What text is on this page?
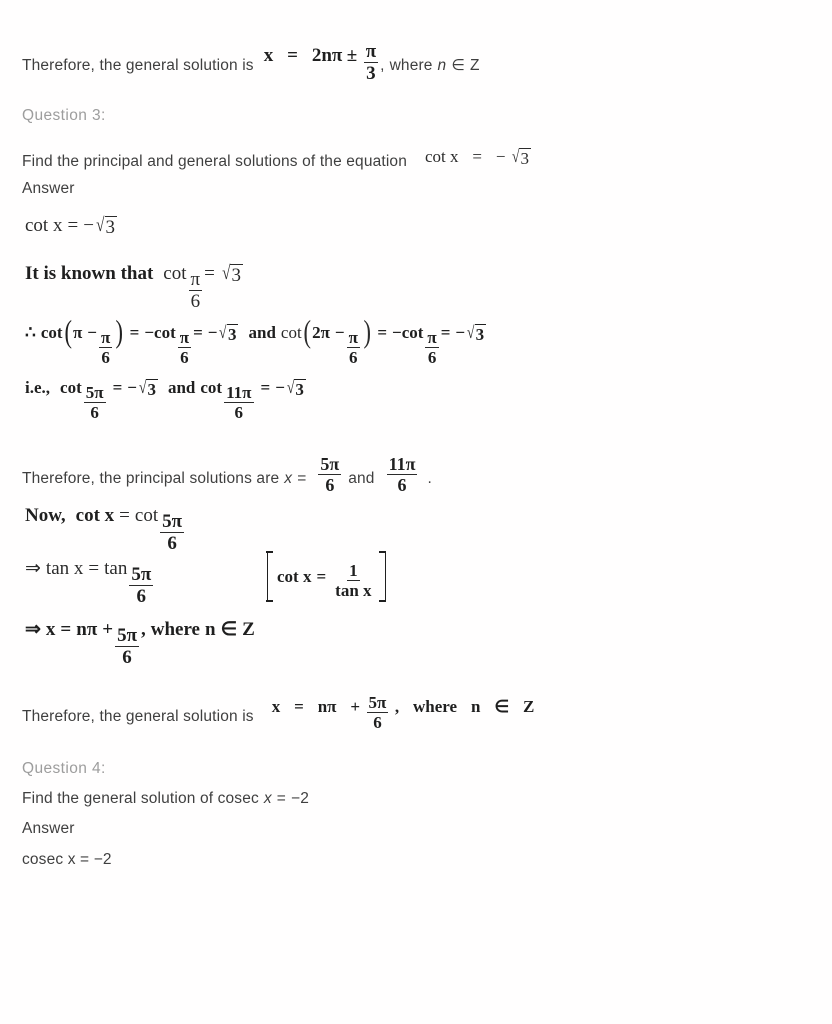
Therefore, the general solution is $x = 2n\pi \pm \frac{\pi}{3}$ , where n ∈ Z
Question 3:
Find the principal and general solutions of the equation cot x = − √ 3
Answer
cot x = − √ 3
It is known that $\cot \frac{\pi}{6}$ = √ 3
∴ cot ( $\pi - \frac{\pi}{6}$ ) = − $\cot \frac{\pi}{6}$ = − √ 3 and cot ( $2\pi - \frac{\pi}{6}$ ) = − $\cot \frac{\pi}{6}$ = − √ 3
i.e., $\cot \frac{5\pi}{6}$ = − √ 3 and $\cot \frac{11\pi}{6}$ = − √ 3
Therefore, the principal solutions are $x = \frac{5\pi}{6}$ and $\frac{11\pi}{6}$ .
Now, $\cot x = \cot \frac{5\pi}{6}$
⇒ $\tan x = \tan \frac{5\pi}{6}$	$\cot x = \frac{1}{\text{tan x}}$
⇒ $x = n\pi + \frac{5\pi}{6}$ , where n ∈ Z
Therefore, the general solution is
$x = n\pi + \frac{5\pi}{6}$ , where n ∈ Z
Question 4:
Find the general solution of cosec x = −2
Answer
cosec x = −2
